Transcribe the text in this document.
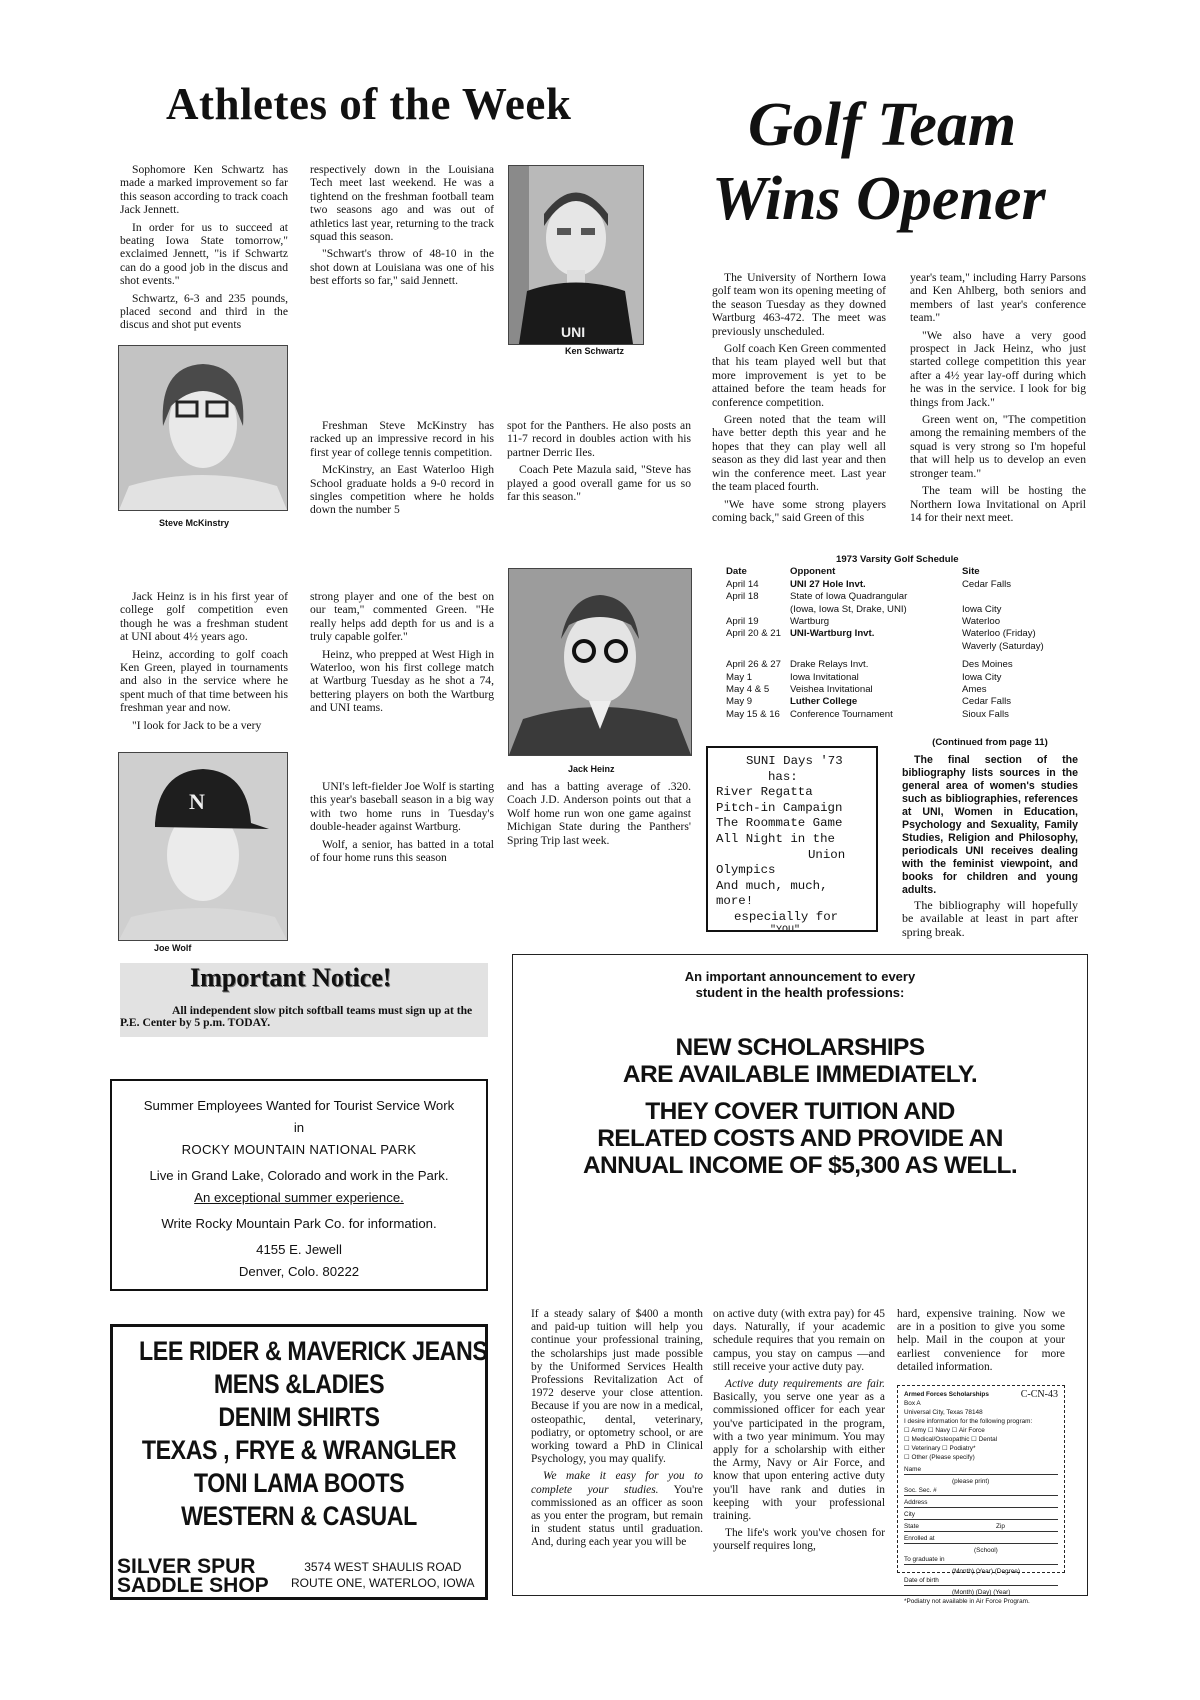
Athletes of the Week

Sophomore Ken Schwartz has made a marked improvement so far this season according to track coach Jack Jennett.

In order for us to succeed at beating Iowa State tomorrow," exclaimed Jennett, "is if Schwartz can do a good job in the discus and shot events."

Schwartz, 6-3 and 235 pounds, placed second and third in the discus and shot put events

respectively down in the Louisiana Tech meet last weekend. He was a tightend on the freshman football team two seasons ago and was out of athletics last year, returning to the track squad this season.

"Schwart's throw of 48-10 in the shot down at Louisiana was one of his best efforts so far," said Jennett.

UNI
Ken Schwartz
Steve McKinstry

Freshman Steve McKinstry has racked up an impressive record in his first year of college tennis competition.

McKinstry, an East Waterloo High School graduate holds a 9-0 record in singles competition where he holds down the number 5

spot for the Panthers. He also posts an 11-7 record in doubles action with his partner Derric Iles.

Coach Pete Mazula said, "Steve has played a good overall game for us so far this season."

Jack Heinz is in his first year of college golf competition even though he was a freshman student at UNI about 4½ years ago.

Heinz, according to golf coach Ken Green, played in tournaments and also in the service where he spent much of that time between his freshman year and now.

"I look for Jack to be a very

strong player and one of the best on our team," commented Green. "He really helps add depth for us and is a truly capable golfer."

Heinz, who prepped at West High in Waterloo, won his first college match at Wartburg Tuesday as he shot a 74, bettering players on both the Wartburg and UNI teams.

Jack Heinz
N
Joe Wolf

UNI's left-fielder Joe Wolf is starting this year's baseball season in a big way with two home runs in Tuesday's double-header against Wartburg.

Wolf, a senior, has batted in a total of four home runs this season

and has a batting average of .320. Coach J.D. Anderson points out that a Wolf home run won one game against Michigan State during the Panthers' Spring Trip last week.

Golf Team
Wins Opener

The University of Northern Iowa golf team won its opening meeting of the season Tuesday as they downed Wartburg 463-472. The meet was previously unscheduled.

Golf coach Ken Green commented that his team played well but that more improvement is yet to be attained before the team heads for conference competition.

Green noted that the team will have better depth this year and he hopes that they can play well all season as they did last year and then win the conference meet. Last year the team placed fourth.

"We have some strong players coming back," said Green of this

year's team," including Harry Parsons and Ken Ahlberg, both seniors and members of last year's conference team."

"We also have a very good prospect in Jack Heinz, who just started college competition this year after a 4½ year lay-off during which he was in the service. I look for big things from Jack."

Green went on, "The competition among the remaining members of the squad is very strong so I'm hopeful that will help us to develop an even stronger team."

The team will be hosting the Northern Iowa Invitational on April 14 for their next meet.

1973 Varsity Golf Schedule
Date	Opponent	Site
April 14	UNI 27 Hole Invt.	Cedar Falls
April 18	State of Iowa Quadrangular
(Iowa, Iowa St, Drake, UNI)	Iowa City
April 19	Wartburg	Waterloo
April 20 & 21 UNI-Wartburg Invt.	Waterloo (Friday)
Waverly (Saturday)
April 26 & 27 Drake Relays Invt.	Des Moines
May 1	Iowa Invitational	Iowa City
May 4 & 5 Veishea Invitational	Ames
May 9	Luther College	Cedar Falls
May 15 & 16 Conference Tournament	Sioux Falls
SUNI Days '73
has:
River Regatta
Pitch-in Campaign
The Roommate Game
All Night in the
Union
Olympics
And much, much, more!
especially for
"YOU"
(Continued from page 11)
The final section of the bibliography lists sources in the general area of women's studies such as bibliographies, references at UNI, Women in Education, Psychology and Sexuality, Family Studies, Religion and Philosophy, periodicals UNI receives dealing with the feminist viewpoint, and books for children and young adults.
The bibliography will hopefully be available at least in part after spring break.
Important Notice!
All independent slow pitch softball teams must sign up at the P.E. Center by 5 p.m. TODAY.
Summer Employees Wanted for Tourist Service Work
in
ROCKY MOUNTAIN NATIONAL PARK
Live in Grand Lake, Colorado and work in the Park.
An exceptional summer experience.
Write Rocky Mountain Park Co. for information.
4155 E. Jewell
Denver, Colo. 80222
LEE RIDER & MAVERICK JEANS
MENS &LADIES
DENIM SHIRTS
TEXAS , FRYE & WRANGLER
TONI LAMA BOOTS
WESTERN & CASUAL
SILVER SPUR
SADDLE SHOP
3574 WEST SHAULIS ROAD
ROUTE ONE, WATERLOO, IOWA
An important announcement to every
student in the health professions:
NEW SCHOLARSHIPS
ARE AVAILABLE IMMEDIATELY.
THEY COVER TUITION AND
RELATED COSTS AND PROVIDE AN
ANNUAL INCOME OF $5,300 AS WELL.

If a steady salary of $400 a month and paid-up tuition will help you continue your professional training, the scholarships just made possible by the Uniformed Services Health Professions Revitalization Act of 1972 deserve your close attention. Because if you are now in a medical, osteopathic, dental, veterinary, podiatry, or optometry school, or are working toward a PhD in Clinical Psychology, you may qualify.

We make it easy for you to complete your studies. You're commissioned as an officer as soon as you enter the program, but remain in student status until graduation. And, during each year you will be

on active duty (with extra pay) for 45 days. Naturally, if your academic schedule requires that you remain on campus, you stay on campus —and still receive your active duty pay.

Active duty requirements are fair. Basically, you serve one year as a commissioned officer for each year you've participated in the program, with a two year minimum. You may apply for a scholarship with either the Army, Navy or Air Force, and know that upon entering active duty you'll have rank and duties in keeping with your professional training.

The life's work you've chosen for yourself requires long,

hard, expensive training. Now we are in a position to give you some help. Mail in the coupon at your earliest convenience for more detailed information.

Armed Forces Scholarships
Box A
Universal City, Texas 78148
C-CN-43
I desire information for the following program:
☐ Army ☐ Navy ☐ Air Force
☐ Medical/Osteopathic ☐ Dental
☐ Veterinary ☐ Podiatry*
☐ Other (Please specify)
Name
(please print)
Soc. Sec. #
Address
City
State	Zip
Enrolled at
(School)
To graduate in
(Month) (Year) (Degree)
Date of birth
(Month) (Day) (Year)
*Podiatry not available in Air Force Program.
